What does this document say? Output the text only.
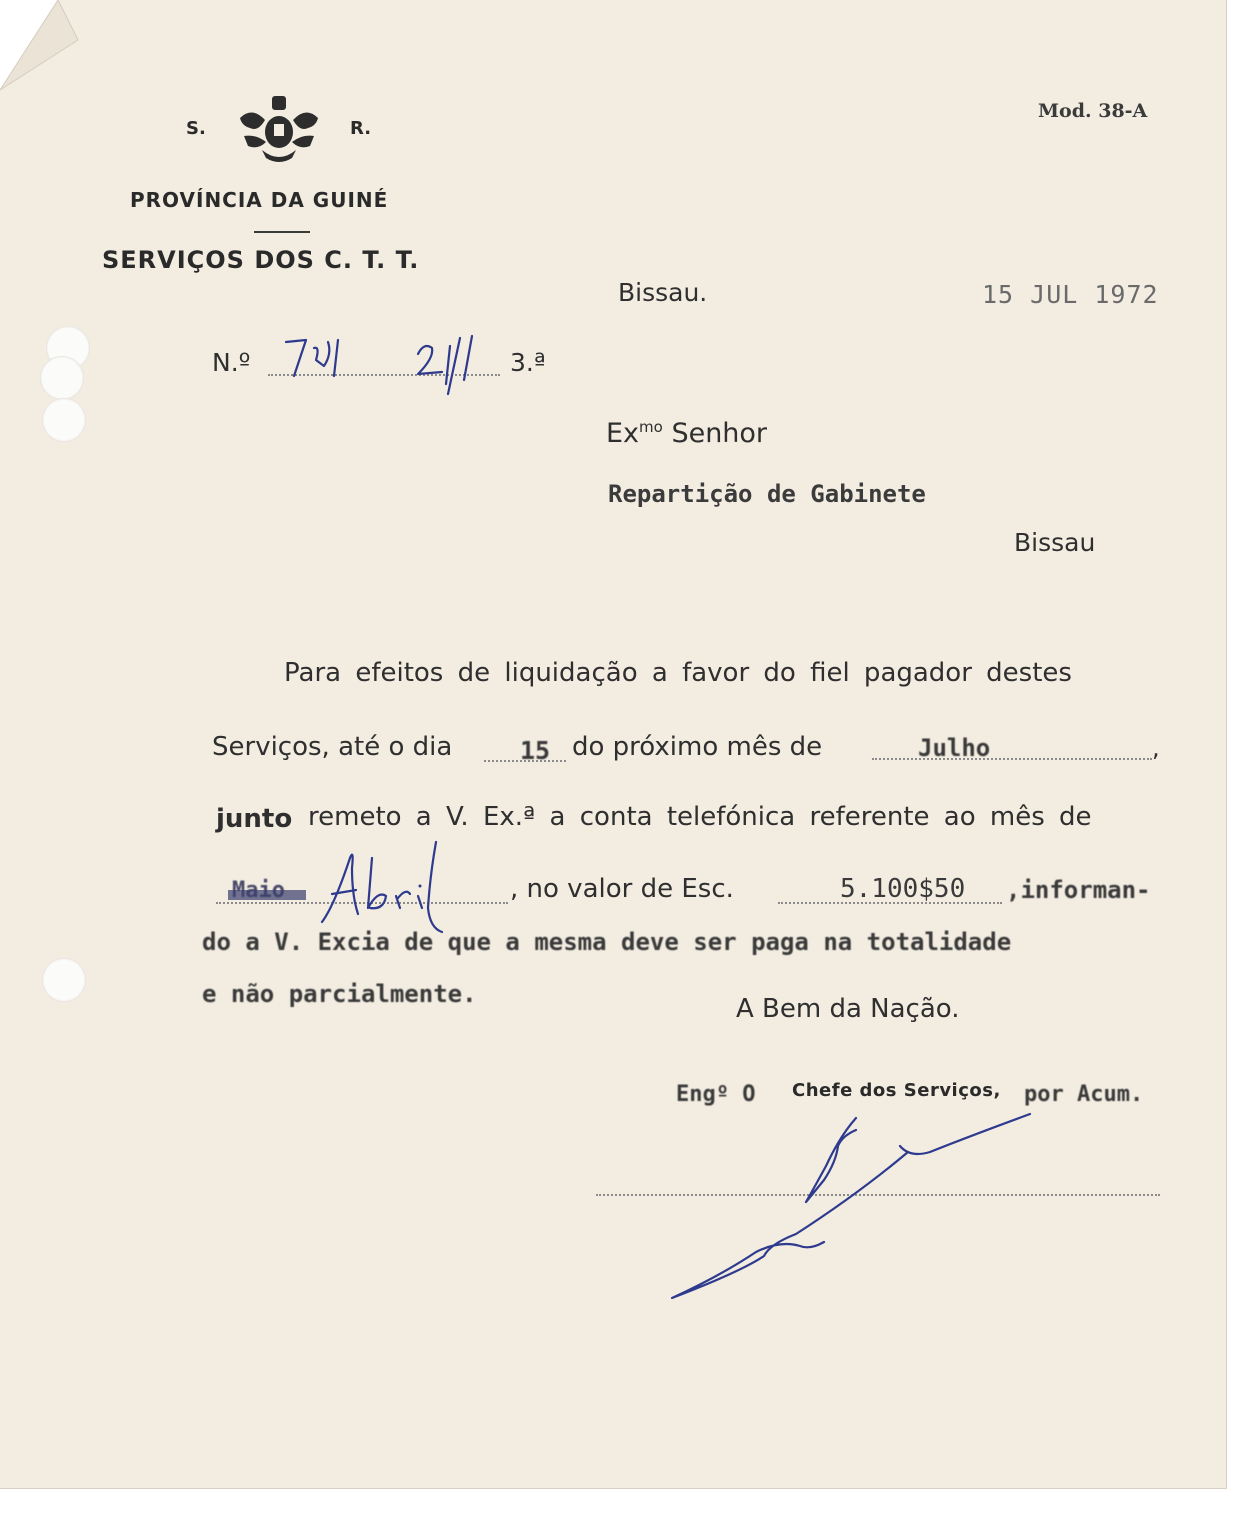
S.	R.
PROVÍNCIA DA GUINÉ
SERVIÇOS DOS C. T. T.
Mod. 38-A
Bissau.	15 JUL 1972
N.º	3.ª
$Ex^{mo}$ Senhor
Repartição de Gabinete
Bissau
Para efeitos de liquidação a favor do fiel pagador destes
Serviços, até o dia	15 do próximo mês de	Julho	,
junto remeto a V. Ex.ª a conta telefónica referente ao mês de
, no valor de Esc.	5.100$50 ,informan-
do a V. Excia de que a mesma deve ser paga na totalidade
e não parcialmente.	A Bem da Nação.
Engº O Chefe dos Serviços, por Acum.
